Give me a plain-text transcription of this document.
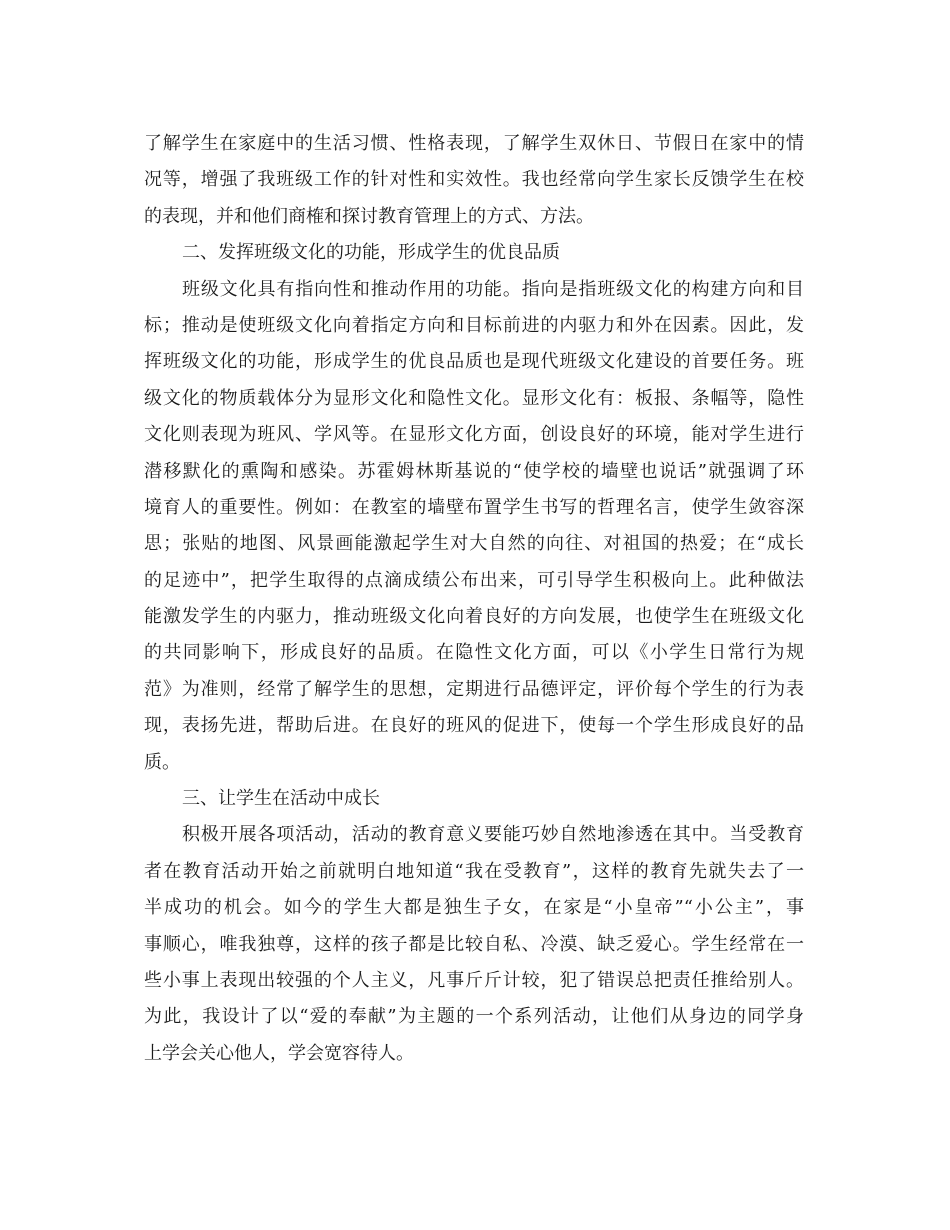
了解学生在家庭中的生活习惯、性格表现，了解学生双休日、节假日在家中的情
况等，增强了我班级工作的针对性和实效性。我也经常向学生家长反馈学生在校
的表现，并和他们商榷和探讨教育管理上的方式、方法。
二、发挥班级文化的功能，形成学生的优良品质
班级文化具有指向性和推动作用的功能。指向是指班级文化的构建方向和目
标；推动是使班级文化向着指定方向和目标前进的内驱力和外在因素。因此，发
挥班级文化的功能，形成学生的优良品质也是现代班级文化建设的首要任务。班
级文化的物质载体分为显形文化和隐性文化。显形文化有：板报、条幅等，隐性
文化则表现为班风、学风等。在显形文化方面，创设良好的环境，能对学生进行
潜移默化的熏陶和感染。苏霍姆林斯基说的“使学校的墙壁也说话”就强调了环
境育人的重要性。例如：在教室的墙壁布置学生书写的哲理名言，使学生敛容深
思；张贴的地图、风景画能激起学生对大自然的向往、对祖国的热爱；在“成长
的足迹中”，把学生取得的点滴成绩公布出来，可引导学生积极向上。此种做法
能激发学生的内驱力，推动班级文化向着良好的方向发展，也使学生在班级文化
的共同影响下，形成良好的品质。在隐性文化方面，可以《小学生日常行为规
范》为准则，经常了解学生的思想，定期进行品德评定，评价每个学生的行为表
现，表扬先进，帮助后进。在良好的班风的促进下，使每一个学生形成良好的品
质。
三、让学生在活动中成长
积极开展各项活动，活动的教育意义要能巧妙自然地渗透在其中。当受教育
者在教育活动开始之前就明白地知道“我在受教育”，这样的教育先就失去了一
半成功的机会。如今的学生大都是独生子女，在家是“小皇帝”“小公主”，事
事顺心，唯我独尊，这样的孩子都是比较自私、冷漠、缺乏爱心。学生经常在一
些小事上表现出较强的个人主义，凡事斤斤计较，犯了错误总把责任推给别人。
为此，我设计了以“爱的奉献”为主题的一个系列活动，让他们从身边的同学身
上学会关心他人，学会宽容待人。
